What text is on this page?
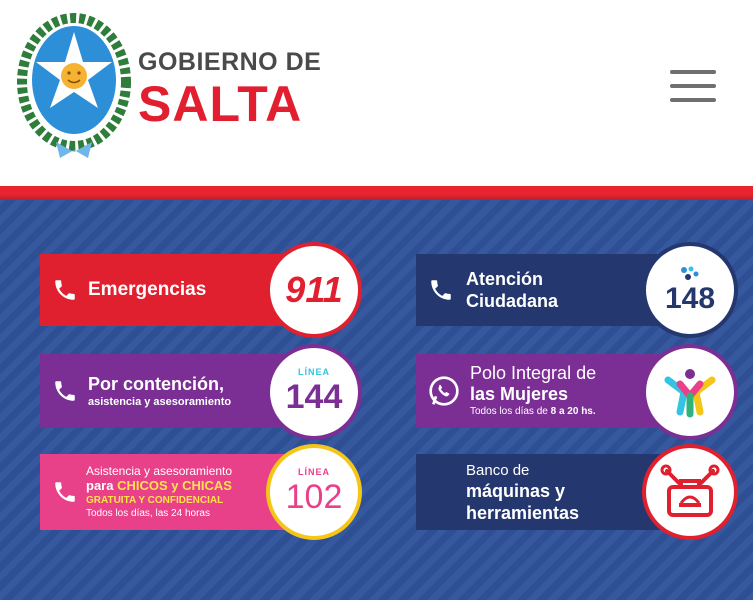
GOBIERNO DE
SALTA
Emergencias 911
Por contención,
asistencia y asesoramiento
LÍNEA
144
Asistencia y asesoramiento
para CHICOS y CHICAS
GRATUITA Y CONFIDENCIAL
Todos los días, las 24 horas
LÍNEA
102
Atención
Ciudadana	148
Polo Integral de
las Mujeres
Todos los días de 8 a 20 hs.
Banco de
máquinas y
herramientas
